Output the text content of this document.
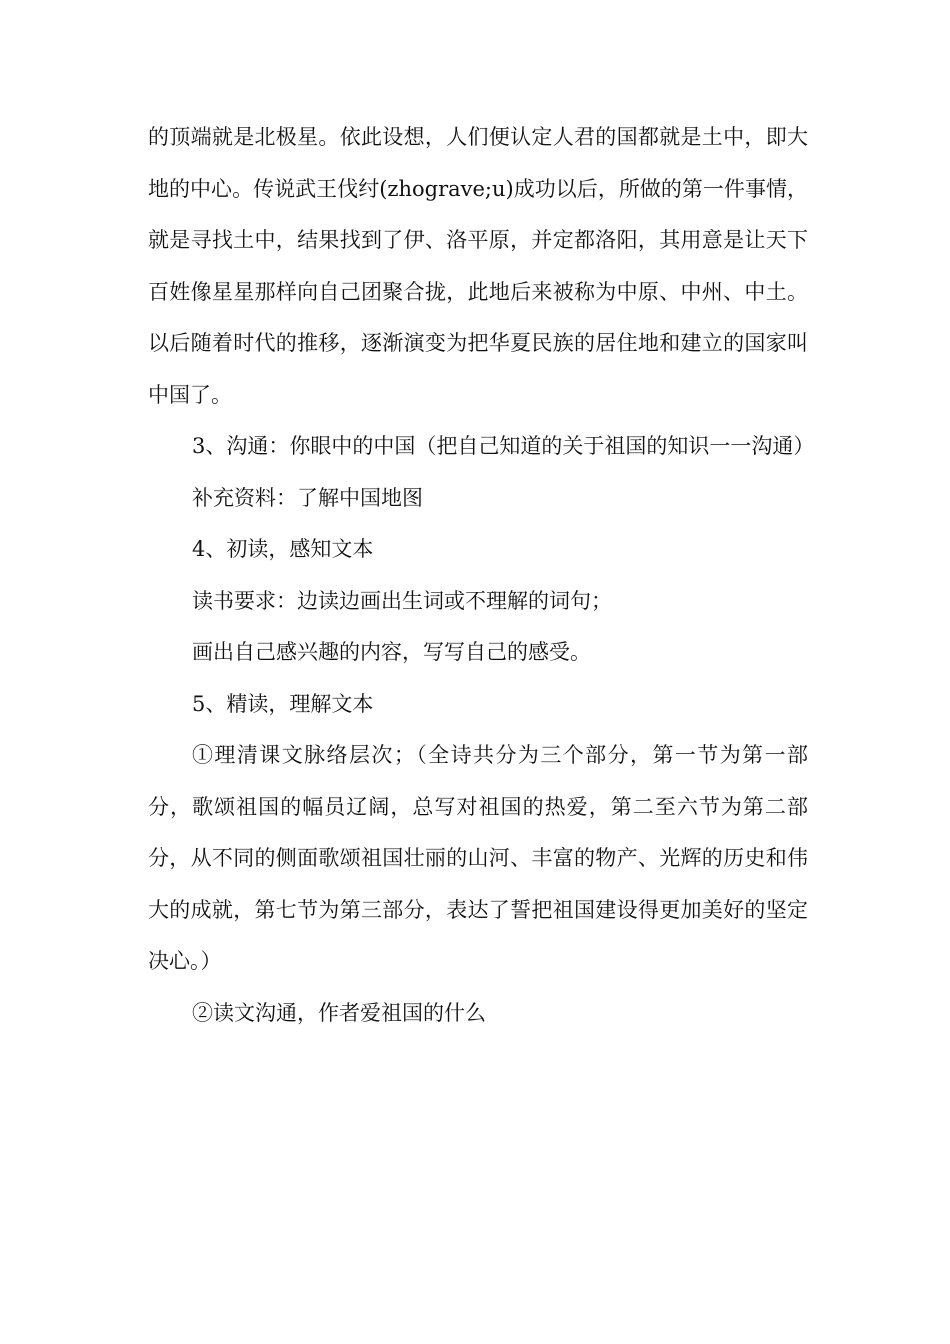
的顶端就是北极星。依此设想，人们便认定人君的国都就是土中，即大地的中心。传说武王伐纣(zhograve;u)成功以后，所做的第一件事情，就是寻找土中，结果找到了伊、洛平原，并定都洛阳，其用意是让天下百姓像星星那样向自己团聚合拢，此地后来被称为中原、中州、中土。以后随着时代的推移，逐渐演变为把华夏民族的居住地和建立的国家叫中国了。

3、沟通：你眼中的中国（把自己知道的关于祖国的知识一一沟通）

补充资料：了解中国地图

4、初读，感知文本

读书要求：边读边画出生词或不理解的词句；

画出自己感兴趣的内容，写写自己的感受。

5、精读，理解文本

①理清课文脉络层次；（全诗共分为三个部分，第一节为第一部分，歌颂祖国的幅员辽阔，总写对祖国的热爱，第二至六节为第二部分，从不同的侧面歌颂祖国壮丽的山河、丰富的物产、光辉的历史和伟大的成就，第七节为第三部分，表达了誓把祖国建设得更加美好的坚定决心。）

②读文沟通，作者爱祖国的什么
